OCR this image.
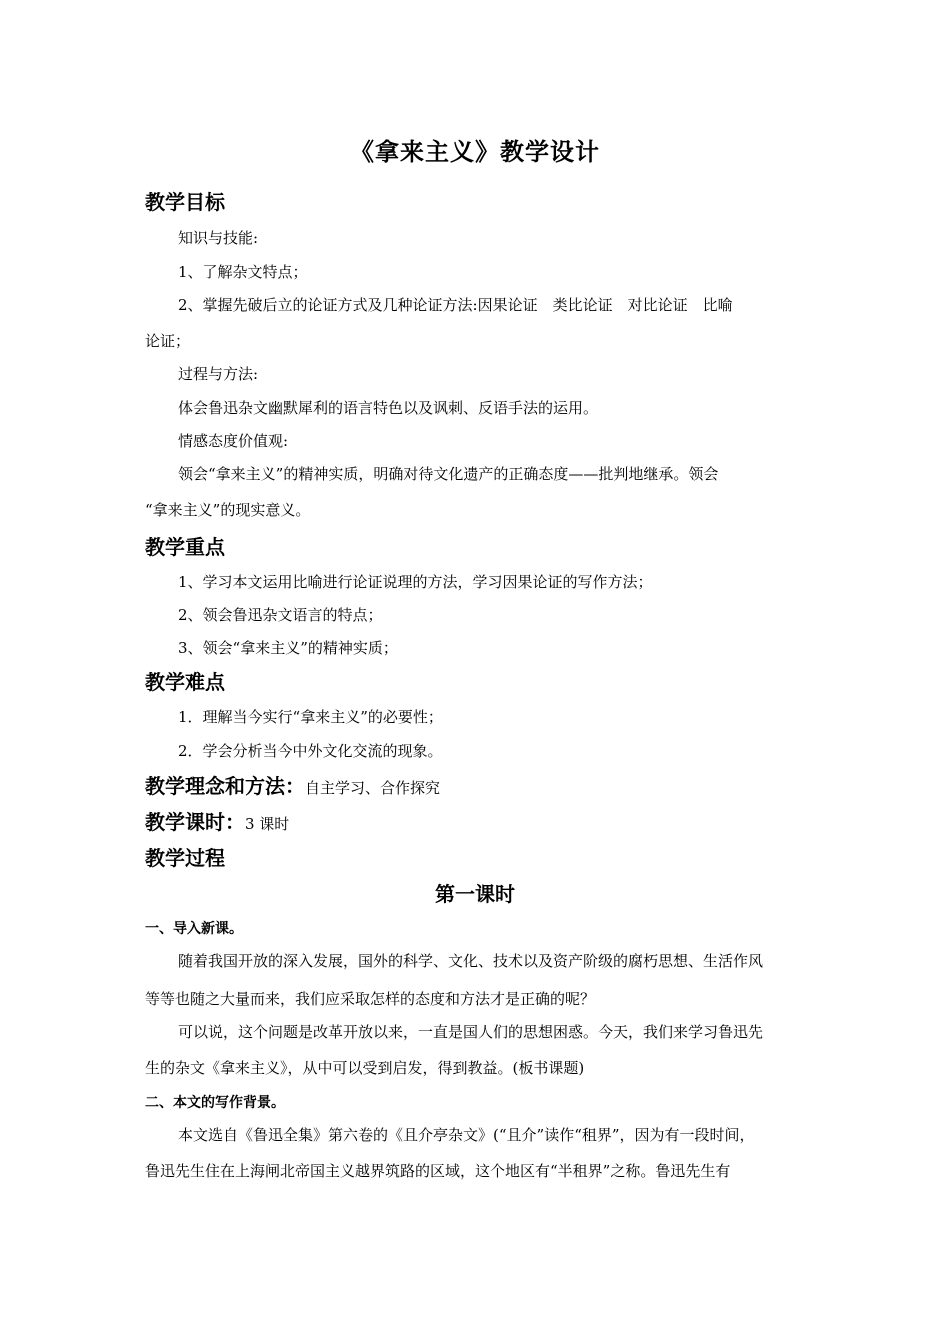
《拿来主义》教学设计
教学目标
知识与技能:
1、了解杂文特点；
2、掌握先破后立的论证方式及几种论证方法:因果论证　类比论证　对比论证　比喻
论证；
过程与方法:
体会鲁迅杂文幽默犀利的语言特色以及讽刺、反语手法的运用。
情感态度价值观:
领会“拿来主义”的精神实质，明确对待文化遗产的正确态度——批判地继承。领会
“拿来主义”的现实意义。
教学重点
1、学习本文运用比喻进行论证说理的方法，学习因果论证的写作方法；
2、领会鲁迅杂文语言的特点；
3、领会“拿来主义”的精神实质；
教学难点
1．理解当今实行“拿来主义”的必要性；
2．学会分析当今中外文化交流的现象。
教学理念和方法：自主学习、合作探究
教学课时：3 课时
教学过程
第一课时
一、导入新课。
随着我国开放的深入发展，国外的科学、文化、技术以及资产阶级的腐朽思想、生活作风
等等也随之大量而来，我们应采取怎样的态度和方法才是正确的呢？
可以说，这个问题是改革开放以来，一直是国人们的思想困惑。今天，我们来学习鲁迅先
生的杂文《拿来主义》，从中可以受到启发，得到教益。(板书课题)
二、本文的写作背景。
本文选自《鲁迅全集》第六卷的《且介亭杂文》(“且介”读作“租界”，因为有一段时间，
鲁迅先生住在上海闸北帝国主义越界筑路的区域，这个地区有“半租界”之称。鲁迅先生有
